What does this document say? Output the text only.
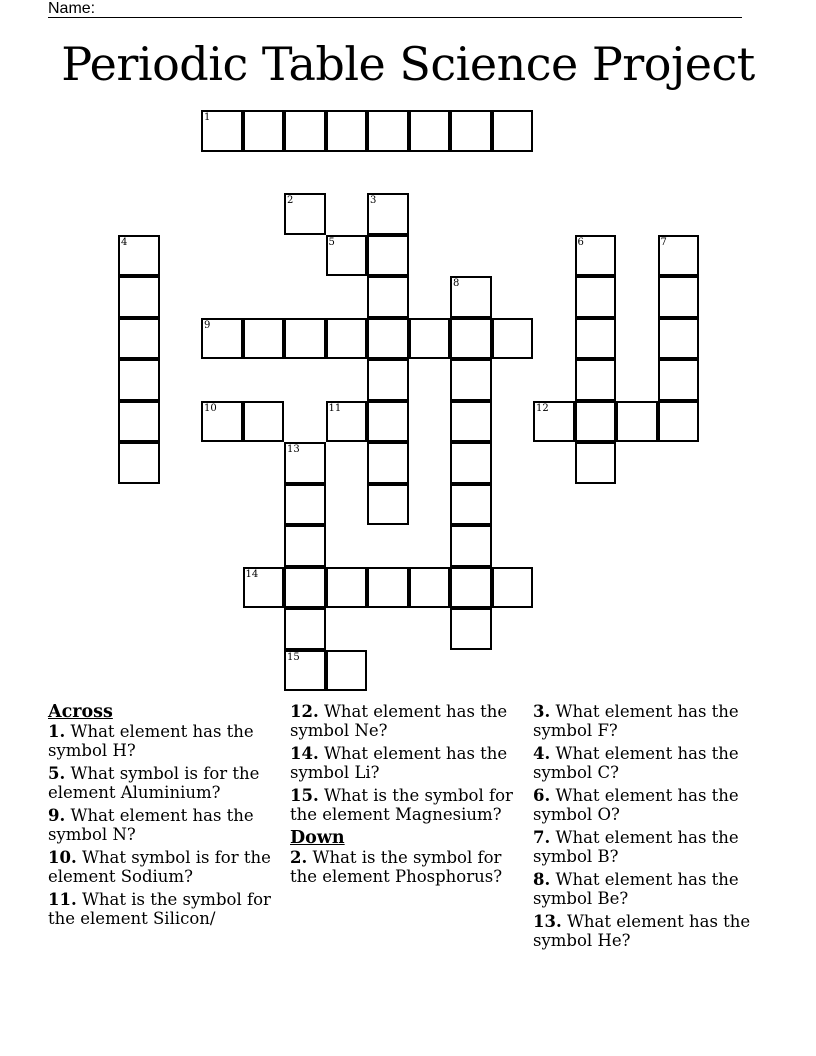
Name:
Periodic Table Science Project
1
2	3
4	5	6	7
8
9
10	11	12
13
15
14

Across

1. What element has the symbol H?

5. What symbol is for the element Aluminium?

9. What element has the symbol N?

10. What symbol is for the element Sodium?

11. What is the symbol for the element Silicon/

12. What element has the symbol Ne?

14. What element has the symbol Li?

15. What is the symbol for the element Magnesium?

Down

2. What is the symbol for the element Phosphorus?

3. What element has the symbol F?

4. What element has the symbol C?

6. What element has the symbol O?

7. What element has the symbol B?

8. What element has the symbol Be?

13. What element has the symbol He?
